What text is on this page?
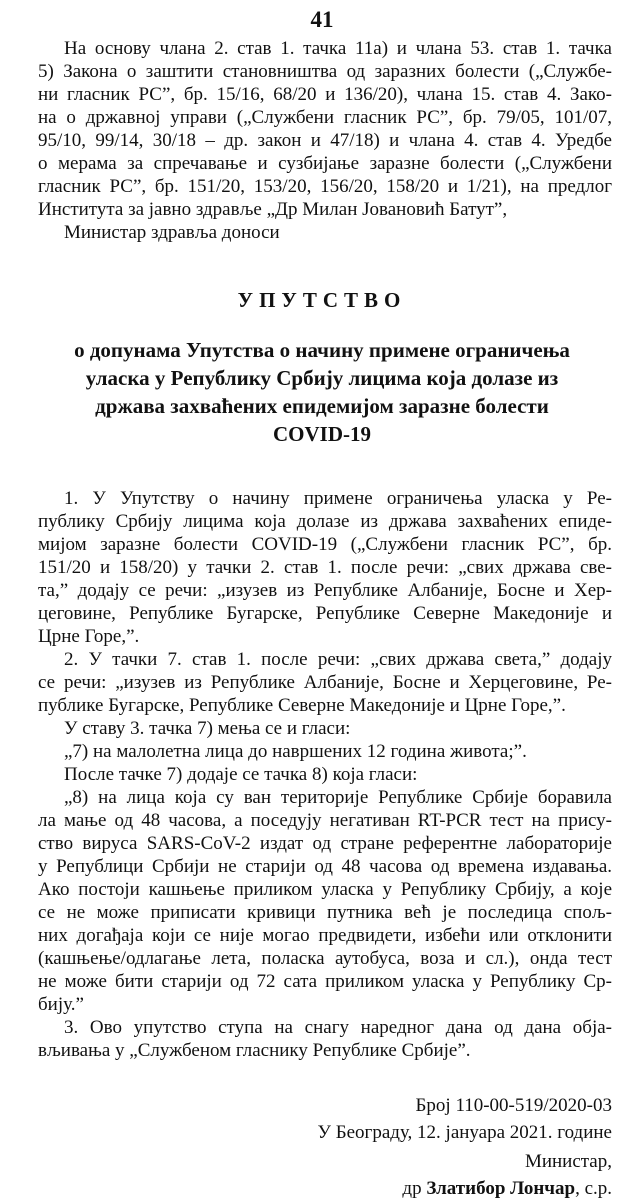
41
На основу члана 2. став 1. тачка 11а) и члана 53. став 1. тачка
5) Закона о заштити становништва од заразних болести („Службе-
ни гласник РС”, бр. 15/16, 68/20 и 136/20), члана 15. став 4. Зако-
на о државној управи („Службени гласник РС”, бр. 79/05, 101/07,
95/10, 99/14, 30/18 – др. закон и 47/18) и члана 4. став 4. Уредбе
о мерама за спречавање и сузбијање заразне болести („Службени
гласник РС”, бр. 151/20, 153/20, 156/20, 158/20 и 1/21), на предлог
Института за јавно здравље „Др Милан Јовановић Батут”,
Министар здравља доноси
УПУТСТВО
о допунама Упутства о начину примене ограничења
уласка у Републику Србију лицима која долазе из
држава захваћених епидемијом заразне болести
COVID-19
1. У Упутству о начину примене ограничења уласка у Ре-
публику Србију лицима која долазе из држава захваћених епиде-
мијом заразне болести COVID-19 („Службени гласник РС”, бр.
151/20 и 158/20) у тачки 2. став 1. после речи: „свих држава све-
та,” додају се речи: „изузев из Републике Албаније, Босне и Хер-
цеговине, Републике Бугарске, Републике Северне Македоније и
Црне Горе,”.
2. У тачки 7. став 1. после речи: „свих држава света,” додају
се речи: „изузев из Републике Албаније, Босне и Херцеговине, Ре-
публике Бугарске, Републике Северне Македоније и Црне Горе,”.
У ставу 3. тачка 7) мења се и гласи:
„7) на малолетна лица до навршених 12 година живота;”.
После тачке 7) додаје се тачка 8) која гласи:
„8) на лица која су ван територије Републике Србије боравила
ла мање од 48 часова, а поседују негативан RT-PCR тест на прису-
ство вируса SARS-CoV-2 издат од стране референтне лабораторије
у Републици Србији не старији од 48 часова од времена издавања.
Ако постоји кашњење приликом уласка у Републику Србију, а које
се не може приписати кривици путника већ је последица спољ-
них догађаја који се није могао предвидети, избећи или отклонити
(кашњење/одлагање лета, поласка аутобуса, воза и сл.), онда тест
не може бити старији од 72 сата приликом уласка у Републику Ср-
бију.”
3. Ово упутство ступа на снагу наредног дана од дана обја-
вљивања у „Службеном гласнику Републике Србије”.
Број 110-00-519/2020-03
У Београду, 12. јануара 2021. године
Министар,
др Златибор Лончар, с.р.
